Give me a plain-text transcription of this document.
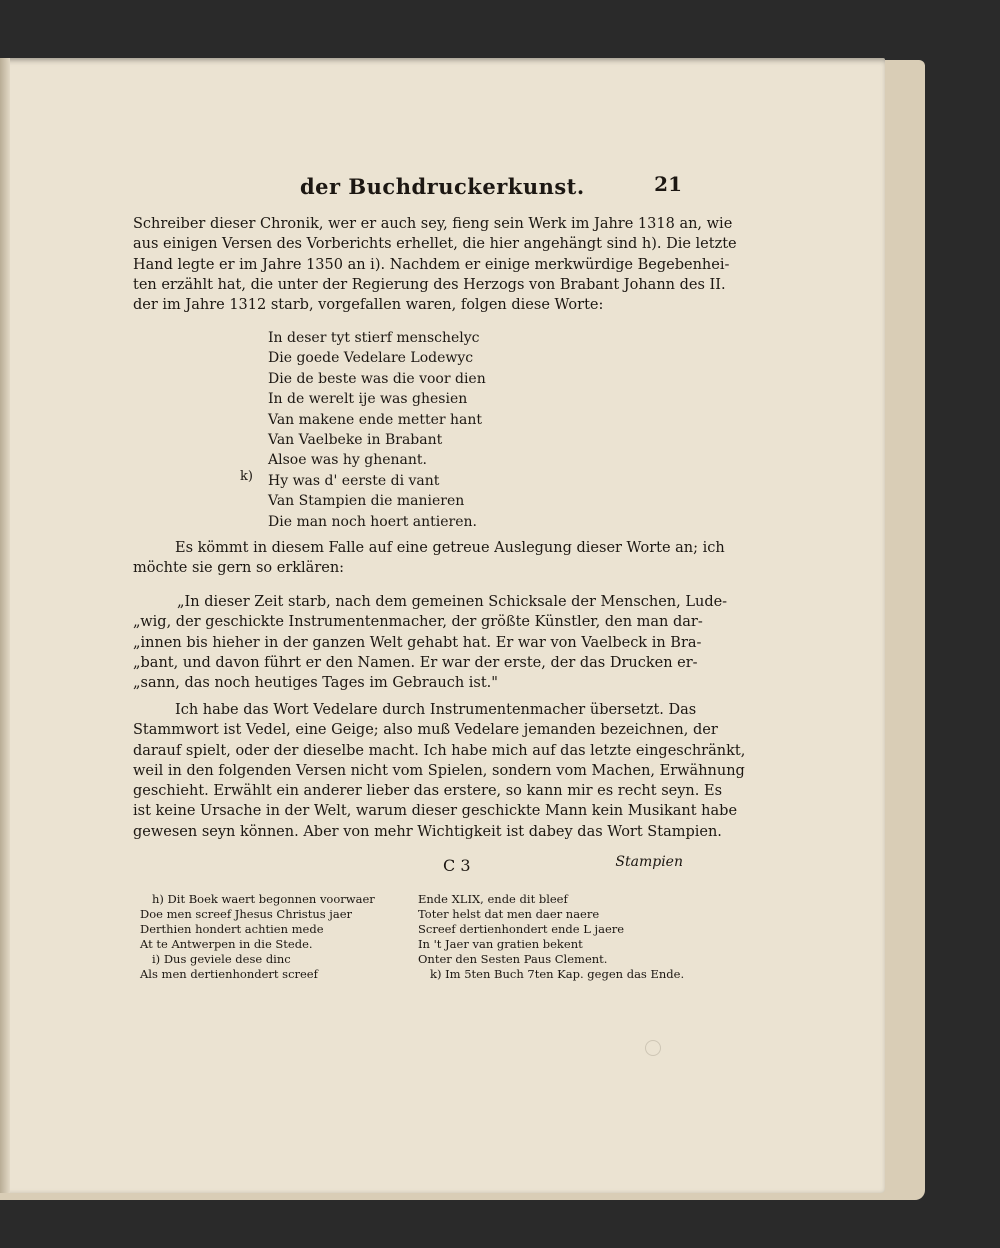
der Buchdruckerkunst.	21
Schreiber dieser Chronik, wer er auch sey, fieng sein Werk im Jahre 1318 an, wie
aus einigen Versen des Vorberichts erhellet, die hier angehängt sind h). Die letzte
Hand legte er im Jahre 1350 an i). Nachdem er einige merkwürdige Begebenhei-
ten erzählt hat, die unter der Regierung des Herzogs von Brabant Johann des II.
der im Jahre 1312 starb, vorgefallen waren, folgen diese Worte:
In deser tyt stierf menschelyc
Die goede Vedelare Lodewyc
Die de beste was die voor dien
In de werelt ije was ghesien
Van makene ende metter hant
Van Vaelbeke in Brabant
Alsoe was hy ghenant.
k) Hy was d' eerste di vant
Van Stampien die manieren
Die man noch hoert antieren.
Es kömmt in diesem Falle auf eine getreue Auslegung dieser Worte an; ich
möchte sie gern so erklären:
„In dieser Zeit starb, nach dem gemeinen Schicksale der Menschen, Lude-
„wig, der geschickte Instrumentenmacher, der größte Künstler, den man dar-
„innen bis hieher in der ganzen Welt gehabt hat. Er war von Vaelbeck in Bra-
„bant, und davon führt er den Namen. Er war der erste, der das Drucken er-
„sann, das noch heutiges Tages im Gebrauch ist."
Ich habe das Wort Vedelare durch Instrumentenmacher übersetzt. Das
Stammwort ist Vedel, eine Geige; also muß Vedelare jemanden bezeichnen, der
darauf spielt, oder der dieselbe macht. Ich habe mich auf das letzte eingeschränkt,
weil in den folgenden Versen nicht vom Spielen, sondern vom Machen, Erwähnung
geschieht. Erwählt ein anderer lieber das erstere, so kann mir es recht seyn. Es
ist keine Ursache in der Welt, warum dieser geschickte Mann kein Musikant habe
gewesen seyn können. Aber von mehr Wichtigkeit ist dabey das Wort Stampien.
C 3	Stampien
h) Dit Boek waert begonnen voorwaer
Doe men screef Jhesus Christus jaer
Derthien hondert achtien mede
At te Antwerpen in die Stede.
i) Dus geviele dese dinc
Als men dertienhondert screef
Ende XLIX, ende dit bleef
Toter helst dat men daer naere
Screef dertienhondert ende L jaere
In 't Jaer van gratien bekent
Onter den Sesten Paus Clement.
k) Im 5ten Buch 7ten Kap. gegen das Ende.
